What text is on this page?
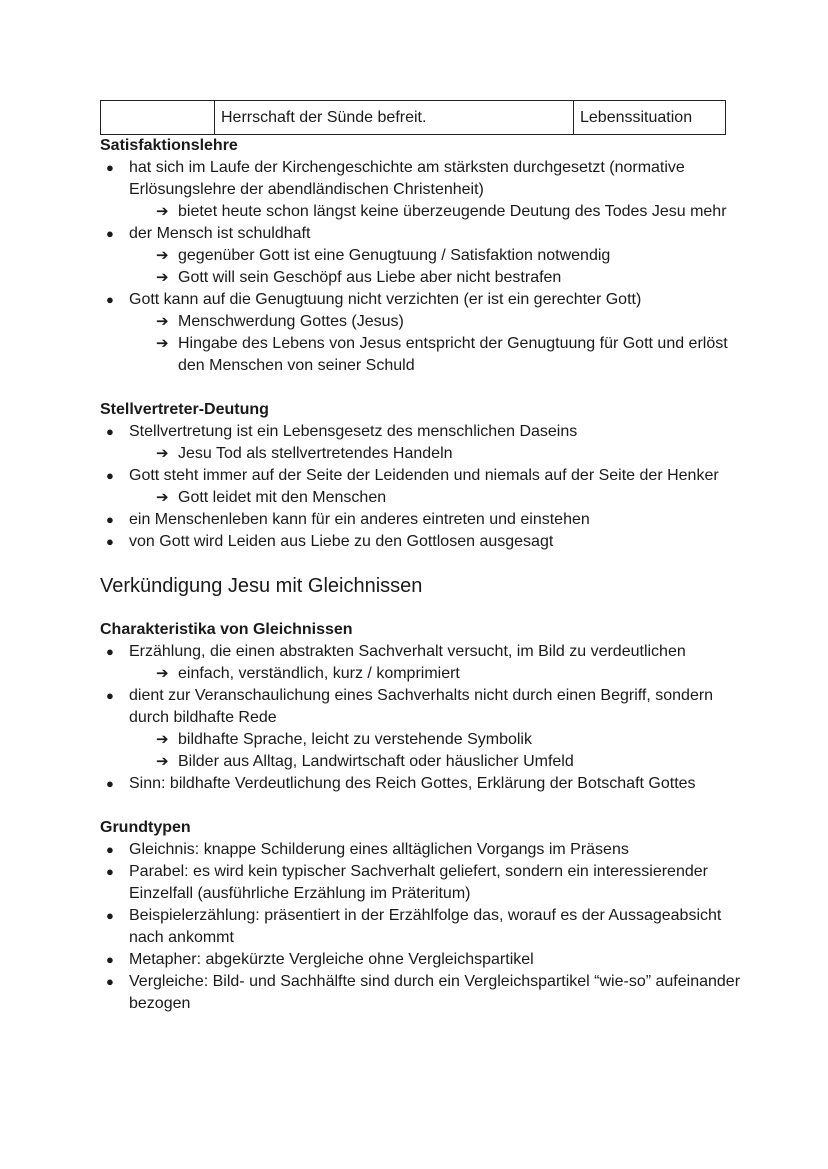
	Herrschaft der Sünde befreit.	Lebenssituation
Satisfaktionslehre
● hat sich im Laufe der Kirchengeschichte am stärksten durchgesetzt (normative Erlösungslehre der abendländischen Christenheit)
➔ bietet heute schon längst keine überzeugende Deutung des Todes Jesu mehr
● der Mensch ist schuldhaft
➔ gegenüber Gott ist eine Genugtuung / Satisfaktion notwendig
➔ Gott will sein Geschöpf aus Liebe aber nicht bestrafen
● Gott kann auf die Genugtuung nicht verzichten (er ist ein gerechter Gott)
➔ Menschwerdung Gottes (Jesus)
➔ Hingabe des Lebens von Jesus entspricht der Genugtuung für Gott und erlöst den Menschen von seiner Schuld
Stellvertreter-Deutung
● Stellvertretung ist ein Lebensgesetz des menschlichen Daseins
➔ Jesu Tod als stellvertretendes Handeln
● Gott steht immer auf der Seite der Leidenden und niemals auf der Seite der Henker
➔ Gott leidet mit den Menschen
● ein Menschenleben kann für ein anderes eintreten und einstehen
● von Gott wird Leiden aus Liebe zu den Gottlosen ausgesagt
Verkündigung Jesu mit Gleichnissen
Charakteristika von Gleichnissen
● Erzählung, die einen abstrakten Sachverhalt versucht, im Bild zu verdeutlichen
➔ einfach, verständlich, kurz / komprimiert
● dient zur Veranschaulichung eines Sachverhalts nicht durch einen Begriff, sondern durch bildhafte Rede
➔ bildhafte Sprache, leicht zu verstehende Symbolik
➔ Bilder aus Alltag, Landwirtschaft oder häuslicher Umfeld
● Sinn: bildhafte Verdeutlichung des Reich Gottes, Erklärung der Botschaft Gottes
Grundtypen
● Gleichnis: knappe Schilderung eines alltäglichen Vorgangs im Präsens
● Parabel: es wird kein typischer Sachverhalt geliefert, sondern ein interessierender Einzelfall (ausführliche Erzählung im Präteritum)
● Beispielerzählung: präsentiert in der Erzählfolge das, worauf es der Aussageabsicht nach ankommt
● Metapher: abgekürzte Vergleiche ohne Vergleichspartikel
● Vergleiche: Bild- und Sachhälfte sind durch ein Vergleichspartikel “wie-so” aufeinander bezogen
